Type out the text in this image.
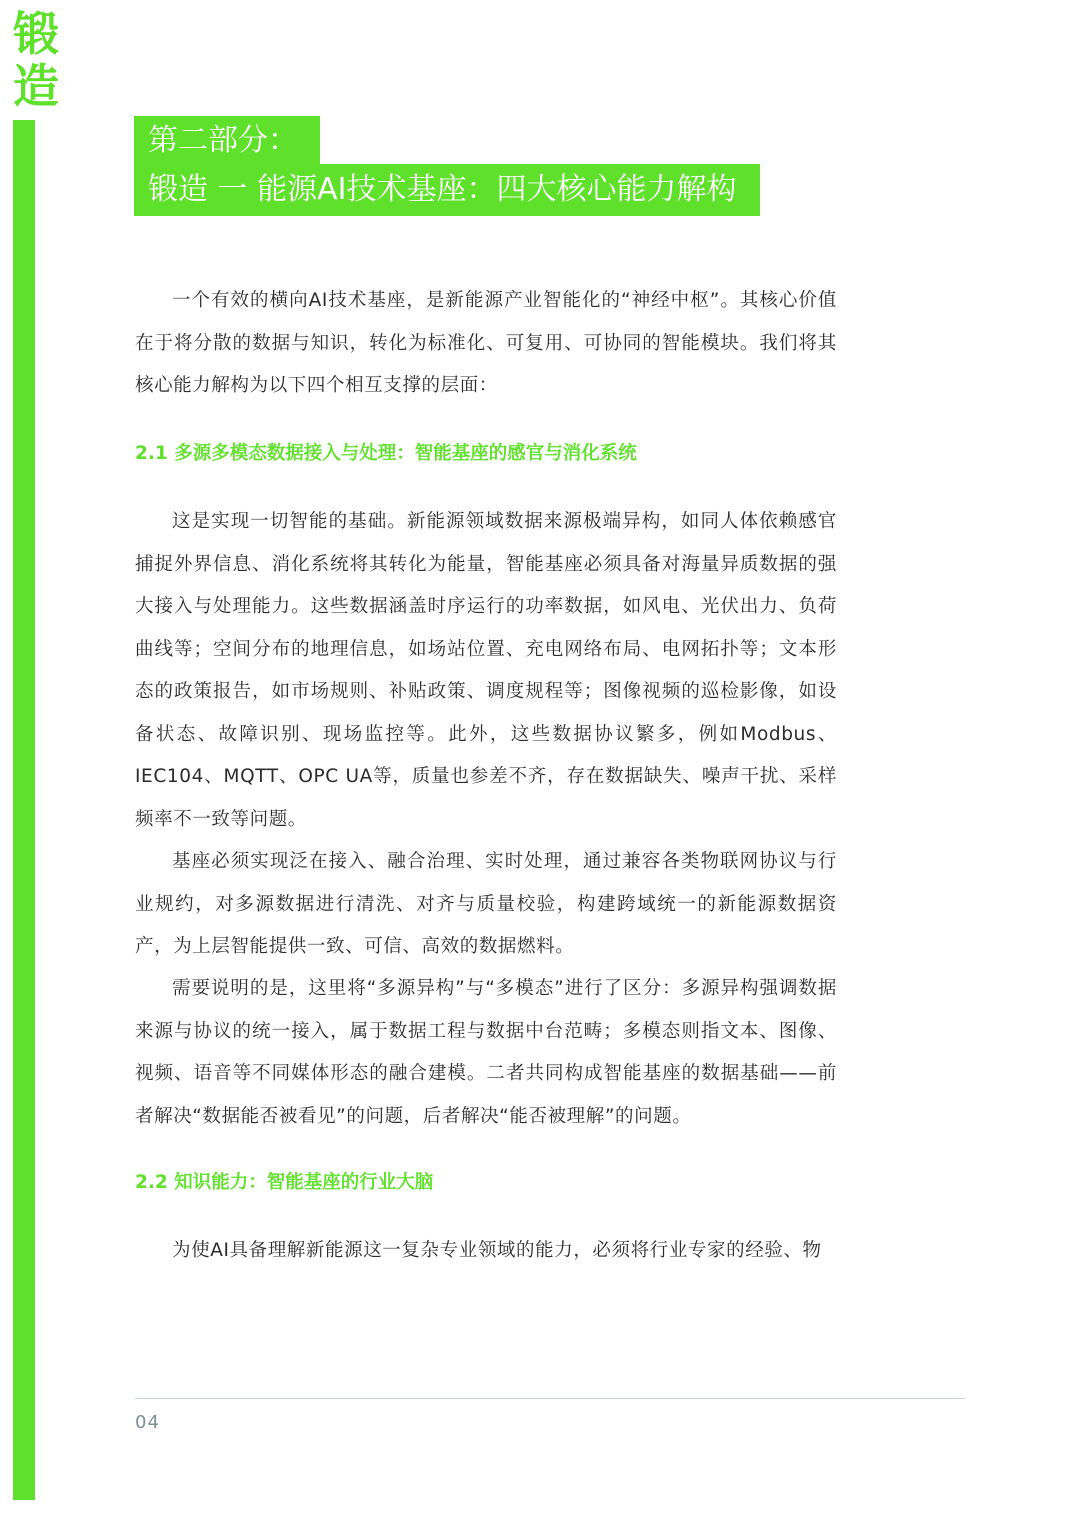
锻造
第二部分：
锻造 一 能源AI技术基座：四大核心能力解构

一个有效的横向AI技术基座，是新能源产业智能化的“神经中枢”。其核心价值在于将分散的数据与知识，转化为标准化、可复用、可协同的智能模块。我们将其核心能力解构为以下四个相互支撑的层面：

2.1 多源多模态数据接入与处理：智能基座的感官与消化系统

这是实现一切智能的基础。新能源领域数据来源极端异构，如同人体依赖感官捕捉外界信息、消化系统将其转化为能量，智能基座必须具备对海量异质数据的强大接入与处理能力。这些数据涵盖时序运行的功率数据，如风电、光伏出力、负荷曲线等；空间分布的地理信息，如场站位置、充电网络布局、电网拓扑等；文本形态的政策报告，如市场规则、补贴政策、调度规程等；图像视频的巡检影像，如设备状态、故障识别、现场监控等。此外，这些数据协议繁多，例如Modbus、IEC104、MQTT、OPC UA等，质量也参差不齐，存在数据缺失、噪声干扰、采样频率不一致等问题。

基座必须实现泛在接入、融合治理、实时处理，通过兼容各类物联网协议与行业规约，对多源数据进行清洗、对齐与质量校验，构建跨域统一的新能源数据资产，为上层智能提供一致、可信、高效的数据燃料。

需要说明的是，这里将“多源异构”与“多模态”进行了区分：多源异构强调数据来源与协议的统一接入，属于数据工程与数据中台范畴；多模态则指文本、图像、视频、语音等不同媒体形态的融合建模。二者共同构成智能基座的数据基础——前者解决“数据能否被看见”的问题，后者解决“能否被理解”的问题。

2.2 知识能力：智能基座的行业大脑

为使AI具备理解新能源这一复杂专业领域的能力，必须将行业专家的经验、物

04
